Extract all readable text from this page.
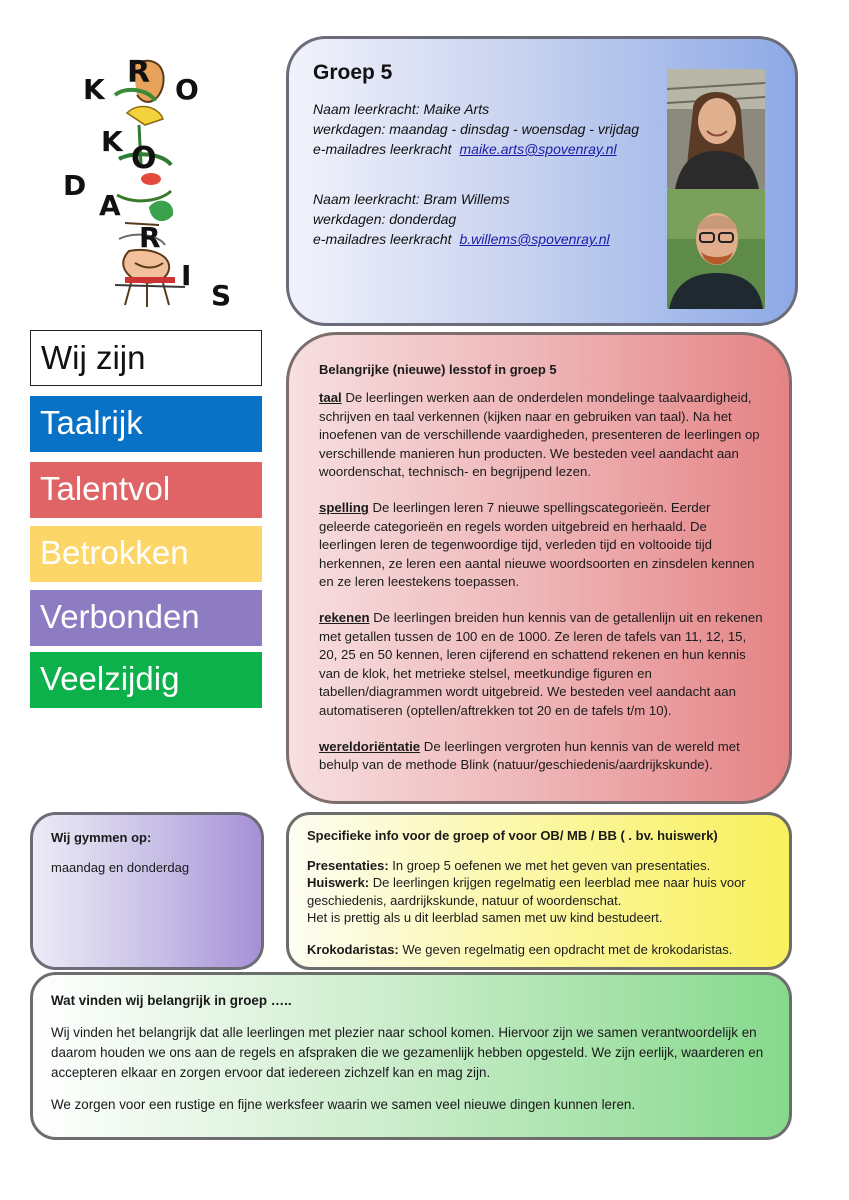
K R O
K O
D
A
R
I
S
Groep 5
Naam leerkracht: Maike Arts
werkdagen: maandag - dinsdag - woensdag - vrijdag
e-mailadres leerkracht maike.arts@spovenray.nl
Naam leerkracht: Bram Willems
werkdagen: donderdag
e-mailadres leerkracht b.willems@spovenray.nl
Wij zijn
Taalrijk
Talentvol
Betrokken
Verbonden
Veelzijdig
Belangrijke (nieuwe) lesstof in groep 5

taal De leerlingen werken aan de onderdelen mondelinge taalvaardigheid, schrijven en taal verkennen (kijken naar en gebruiken van taal). Na het inoefenen van de verschillende vaardigheden, presenteren de leerlingen op verschillende manieren hun producten. We besteden veel aandacht aan woordenschat, technisch- en begrijpend lezen.

spelling De leerlingen leren 7 nieuwe spellingscategorieën. Eerder geleerde categorieën en regels worden uitgebreid en herhaald. De leerlingen leren de tegenwoordige tijd, verleden tijd en voltooide tijd herkennen, ze leren een aantal nieuwe woordsoorten en zinsdelen kennen en ze leren leestekens toepassen.

rekenen De leerlingen breiden hun kennis van de getallenlijn uit en rekenen met getallen tussen de 100 en de 1000. Ze leren de tafels van 11, 12, 15, 20, 25 en 50 kennen, leren cijferend en schattend rekenen en hun kennis van de klok, het metrieke stelsel, meetkundige figuren en tabellen/diagrammen wordt uitgebreid. We besteden veel aandacht aan automatiseren (optellen/aftrekken tot 20 en de tafels t/m 10).

wereldoriëntatie De leerlingen vergroten hun kennis van de wereld met behulp van de methode Blink (natuur/geschiedenis/aardrijkskunde).

Wij gymmen op:
maandag en donderdag
Specifieke info voor de groep of voor OB/ MB / BB ( . bv. huiswerk)
Presentaties: In groep 5 oefenen we met het geven van presentaties.
Huiswerk: De leerlingen krijgen regelmatig een leerblad mee naar huis voor geschiedenis, aardrijkskunde, natuur of woordenschat.
Het is prettig als u dit leerblad samen met uw kind bestudeert.
Krokodaristas: We geven regelmatig een opdracht met de krokodaristas.
Wat vinden wij belangrijk in groep …..

Wij vinden het belangrijk dat alle leerlingen met plezier naar school komen. Hiervoor zijn we samen verantwoordelijk en daarom houden we ons aan de regels en afspraken die we gezamenlijk hebben opgesteld. We zijn eerlijk, waarderen en accepteren elkaar en zorgen ervoor dat iedereen zichzelf kan en mag zijn.

We zorgen voor een rustige en fijne werksfeer waarin we samen veel nieuwe dingen kunnen leren.
